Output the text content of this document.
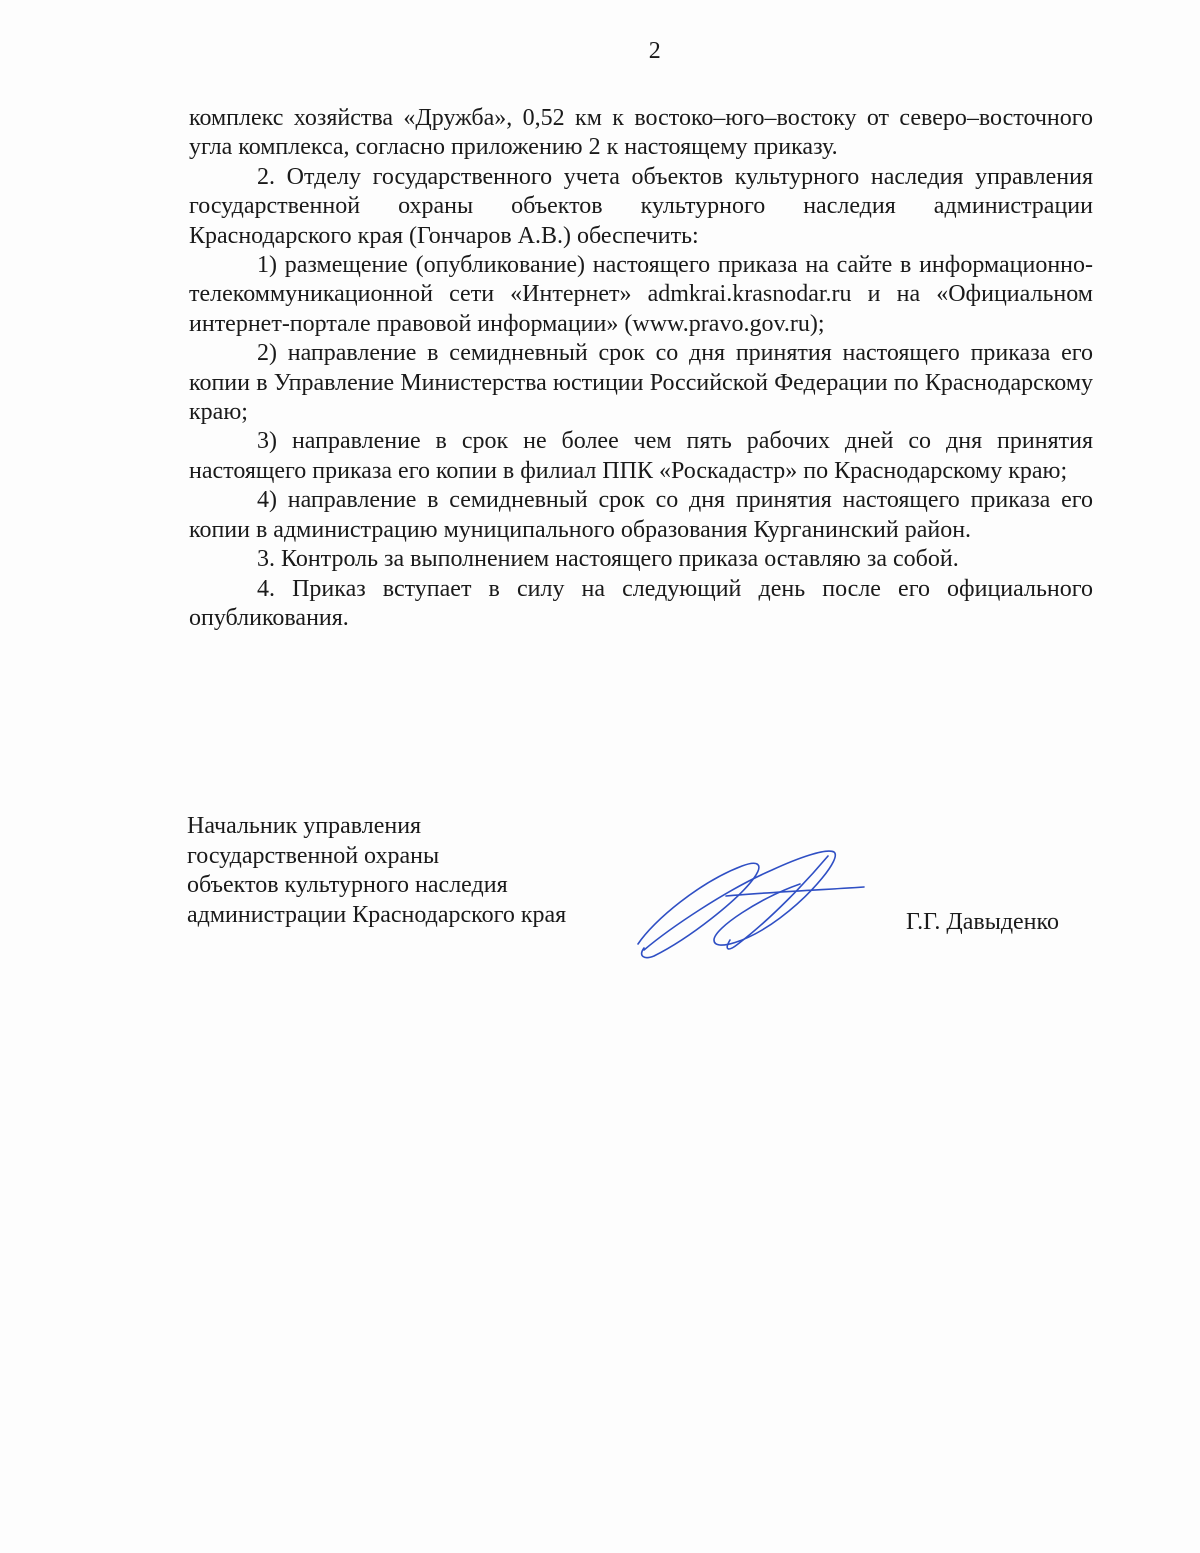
2

комплекс хозяйства «Дружба», 0,52 км к востоко–юго–востоку от северо–восточного угла комплекса, согласно приложению 2 к настоящему приказу.

2. Отделу государственного учета объектов культурного наследия управления государственной охраны объектов культурного наследия администрации Краснодарского края (Гончаров А.В.) обеспечить:

1) размещение (опубликование) настоящего приказа на сайте в информационно-телекоммуникационной сети «Интернет» admkrai.krasnodar.ru и на «Официальном интернет-портале правовой информации» (www.pravo.gov.ru);

2) направление в семидневный срок со дня принятия настоящего приказа его копии в Управление Министерства юстиции Российской Федерации по Краснодарскому краю;

3) направление в срок не более чем пять рабочих дней со дня принятия настоящего приказа его копии в филиал ППК «Роскадастр» по Краснодарскому краю;

4) направление в семидневный срок со дня принятия настоящего приказа его копии в администрацию муниципального образования Курганинский район.

3. Контроль за выполнением настоящего приказа оставляю за собой.

4. Приказ вступает в силу на следующий день после его официального опубликования.

Начальник управления
государственной охраны
объектов культурного наследия
администрации Краснодарского края	Г.Г. Давыденко
